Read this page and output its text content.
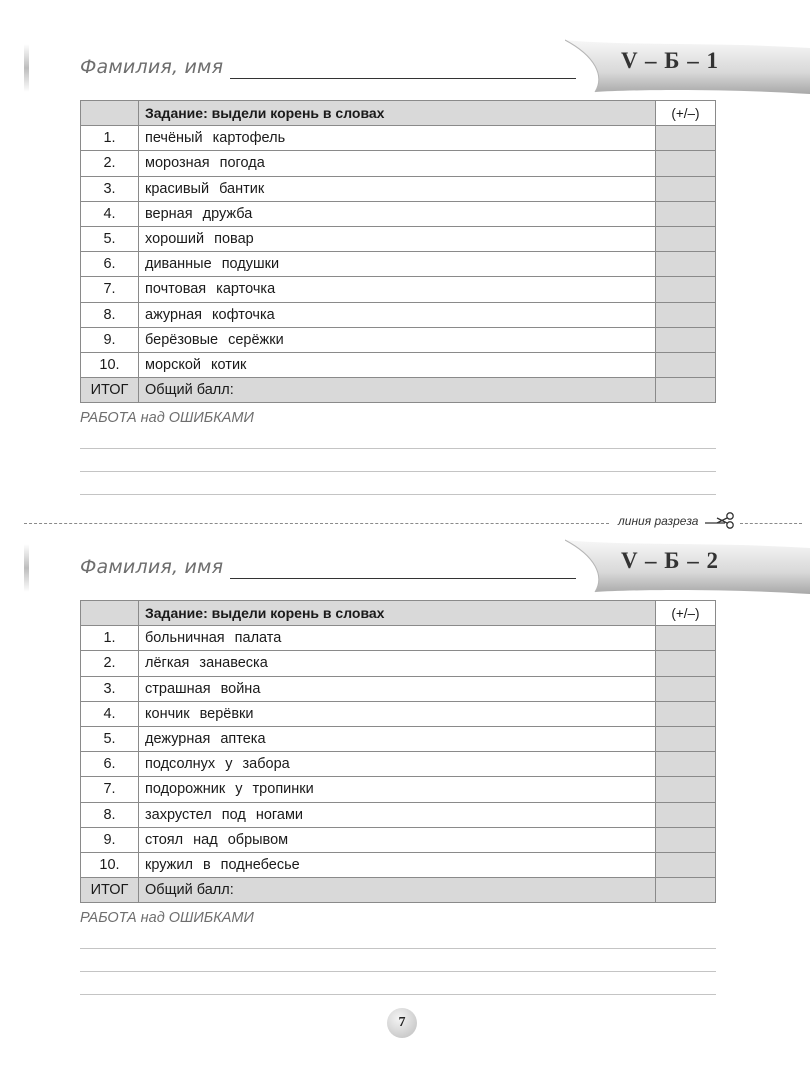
Фамилия, имя	V – Б – 1
	Задание: выдели корень в словах	(+/–)
1.	печёный картофель	
2.	морозная погода	
3.	красивый бантик	
4.	верная дружба	
5.	хороший повар	
6.	диванные подушки	
7.	почтовая карточка	
8.	ажурная кофточка	
9.	берёзовые серёжки	
10.	морской котик	
ИТОГ	Общий балл:	
РАБОТА над ОШИБКАМИ
линия разреза
Фамилия, имя	V – Б – 2
	Задание: выдели корень в словах	(+/–)
1.	больничная палата	
2.	лёгкая занавеска	
3.	страшная война	
4.	кончик верёвки	
5.	дежурная аптека	
6.	подсолнух у забора	
7.	подорожник у тропинки	
8.	захрустел под ногами	
9.	стоял над обрывом	
10.	кружил в поднебесье	
ИТОГ	Общий балл:	
РАБОТА над ОШИБКАМИ
7
